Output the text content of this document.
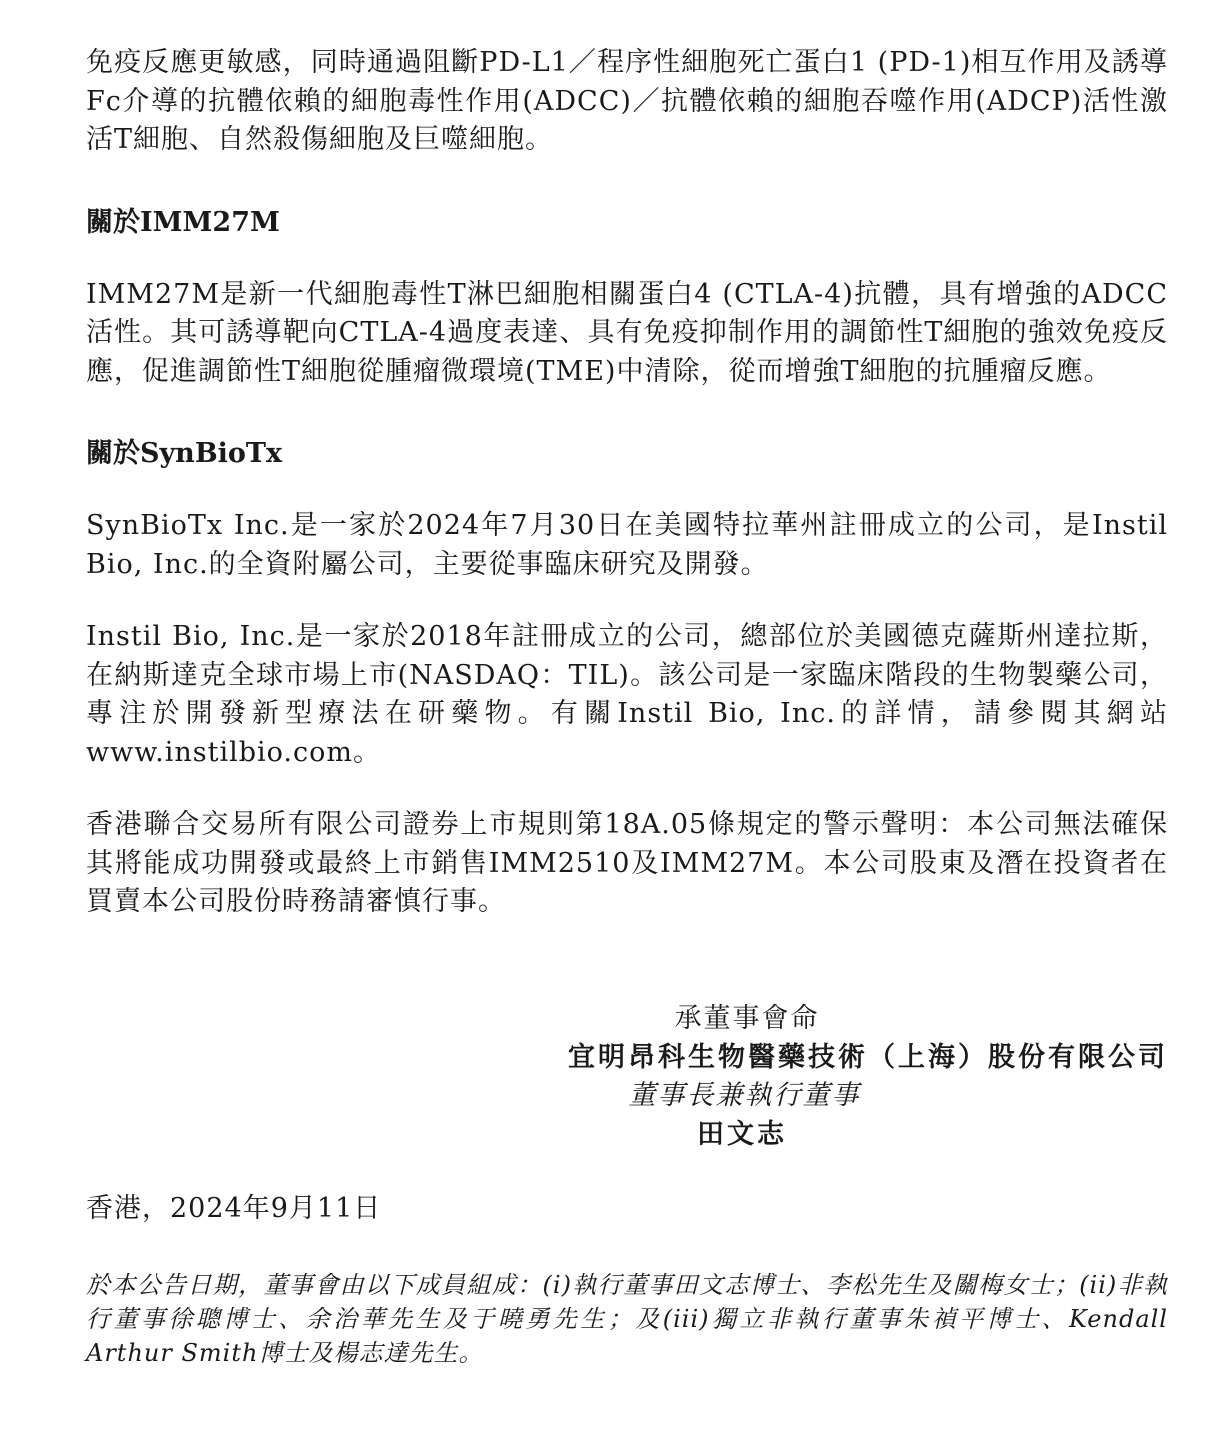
免疫反應更敏感，同時通過阻斷PD-L1／程序性細胞死亡蛋白1 (PD-1)相互作用及誘導Fc介導的抗體依賴的細胞毒性作用(ADCC)／抗體依賴的細胞吞噬作用(ADCP)活性激活T細胞、自然殺傷細胞及巨噬細胞。

關於IMM27M

IMM27M是新一代細胞毒性T淋巴細胞相關蛋白4 (CTLA-4)抗體，具有增強的ADCC活性。其可誘導靶向CTLA-4過度表達、具有免疫抑制作用的調節性T細胞的強效免疫反應，促進調節性T細胞從腫瘤微環境(TME)中清除，從而增強T細胞的抗腫瘤反應。

關於SynBioTx

SynBioTx Inc.是一家於2024年7月30日在美國特拉華州註冊成立的公司，是Instil Bio, Inc.的全資附屬公司，主要從事臨床研究及開發。

Instil Bio, Inc.是一家於2018年註冊成立的公司，總部位於美國德克薩斯州達拉斯，在納斯達克全球市場上市(NASDAQ：TIL)。該公司是一家臨床階段的生物製藥公司，專注於開發新型療法在研藥物。有關Instil Bio, Inc.的詳情，請參閱其網站www.instilbio.com。

香港聯合交易所有限公司證券上市規則第18A.05條規定的警示聲明：本公司無法確保其將能成功開發或最終上市銷售IMM2510及IMM27M。本公司股東及潛在投資者在買賣本公司股份時務請審慎行事。

承董事會命

宜明昂科生物醫藥技術（上海）股份有限公司

董事長兼執行董事

田文志

香港，2024年9月11日

於本公告日期，董事會由以下成員組成：(i)執行董事田文志博士、李松先生及關梅女士；(ii)非執行董事徐聰博士、余治華先生及于曉勇先生；及(iii)獨立非執行董事朱禎平博士、Kendall Arthur Smith博士及楊志達先生。
